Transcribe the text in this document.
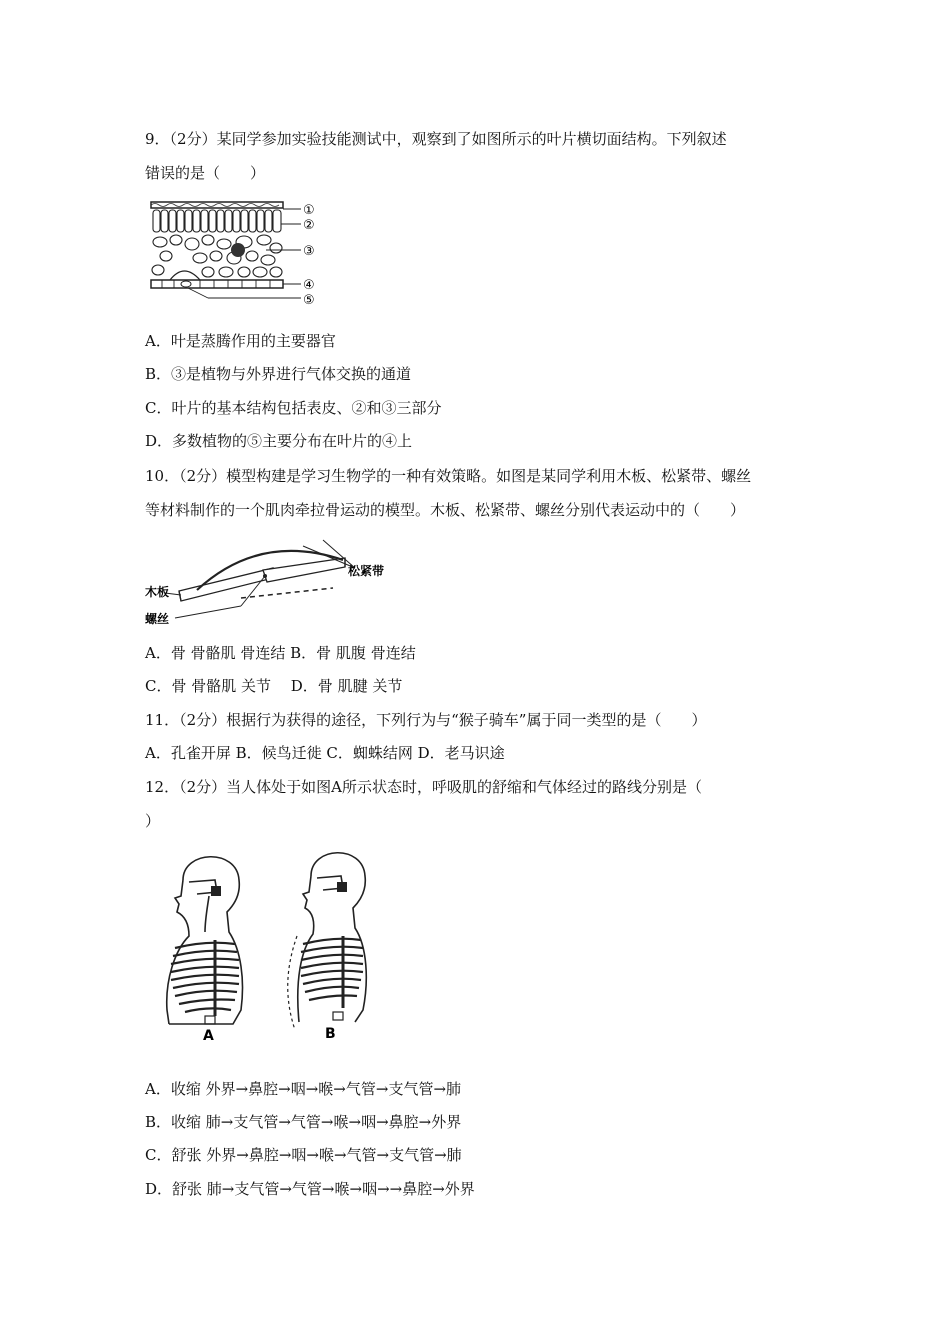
9．（2分）某同学参加实验技能测试中，观察到了如图所示的叶片横切面结构。下列叙述
错误的是（　　）
①
②
③
④
⑤
A．叶是蒸腾作用的主要器官
B．③是植物与外界进行气体交换的通道
C．叶片的基本结构包括表皮、②和③三部分
D．多数植物的⑤主要分布在叶片的④上
10．（2分）模型构建是学习生物学的一种有效策略。如图是某同学利用木板、松紧带、螺丝
等材料制作的一个肌肉牵拉骨运动的模型。木板、松紧带、螺丝分别代表运动中的（　　）
木板
松紧带
螺丝
A．骨 骨骼肌 骨连结 B．骨 肌腹 骨连结
C．骨 骨骼肌 关节　 D．骨 肌腱 关节
11．（2分）根据行为获得的途径，下列行为与“猴子骑车”属于同一类型的是（　　）
A．孔雀开屏 B．候鸟迁徙 C．蜘蛛结网 D．老马识途
12．（2分）当人体处于如图A所示状态时，呼吸肌的舒缩和气体经过的路线分别是（
）
A	B
A．收缩 外界→鼻腔→咽→喉→气管→支气管→肺
B．收缩 肺→支气管→气管→喉→咽→鼻腔→外界
C．舒张 外界→鼻腔→咽→喉→气管→支气管→肺
D．舒张 肺→支气管→气管→喉→咽→→鼻腔→外界
